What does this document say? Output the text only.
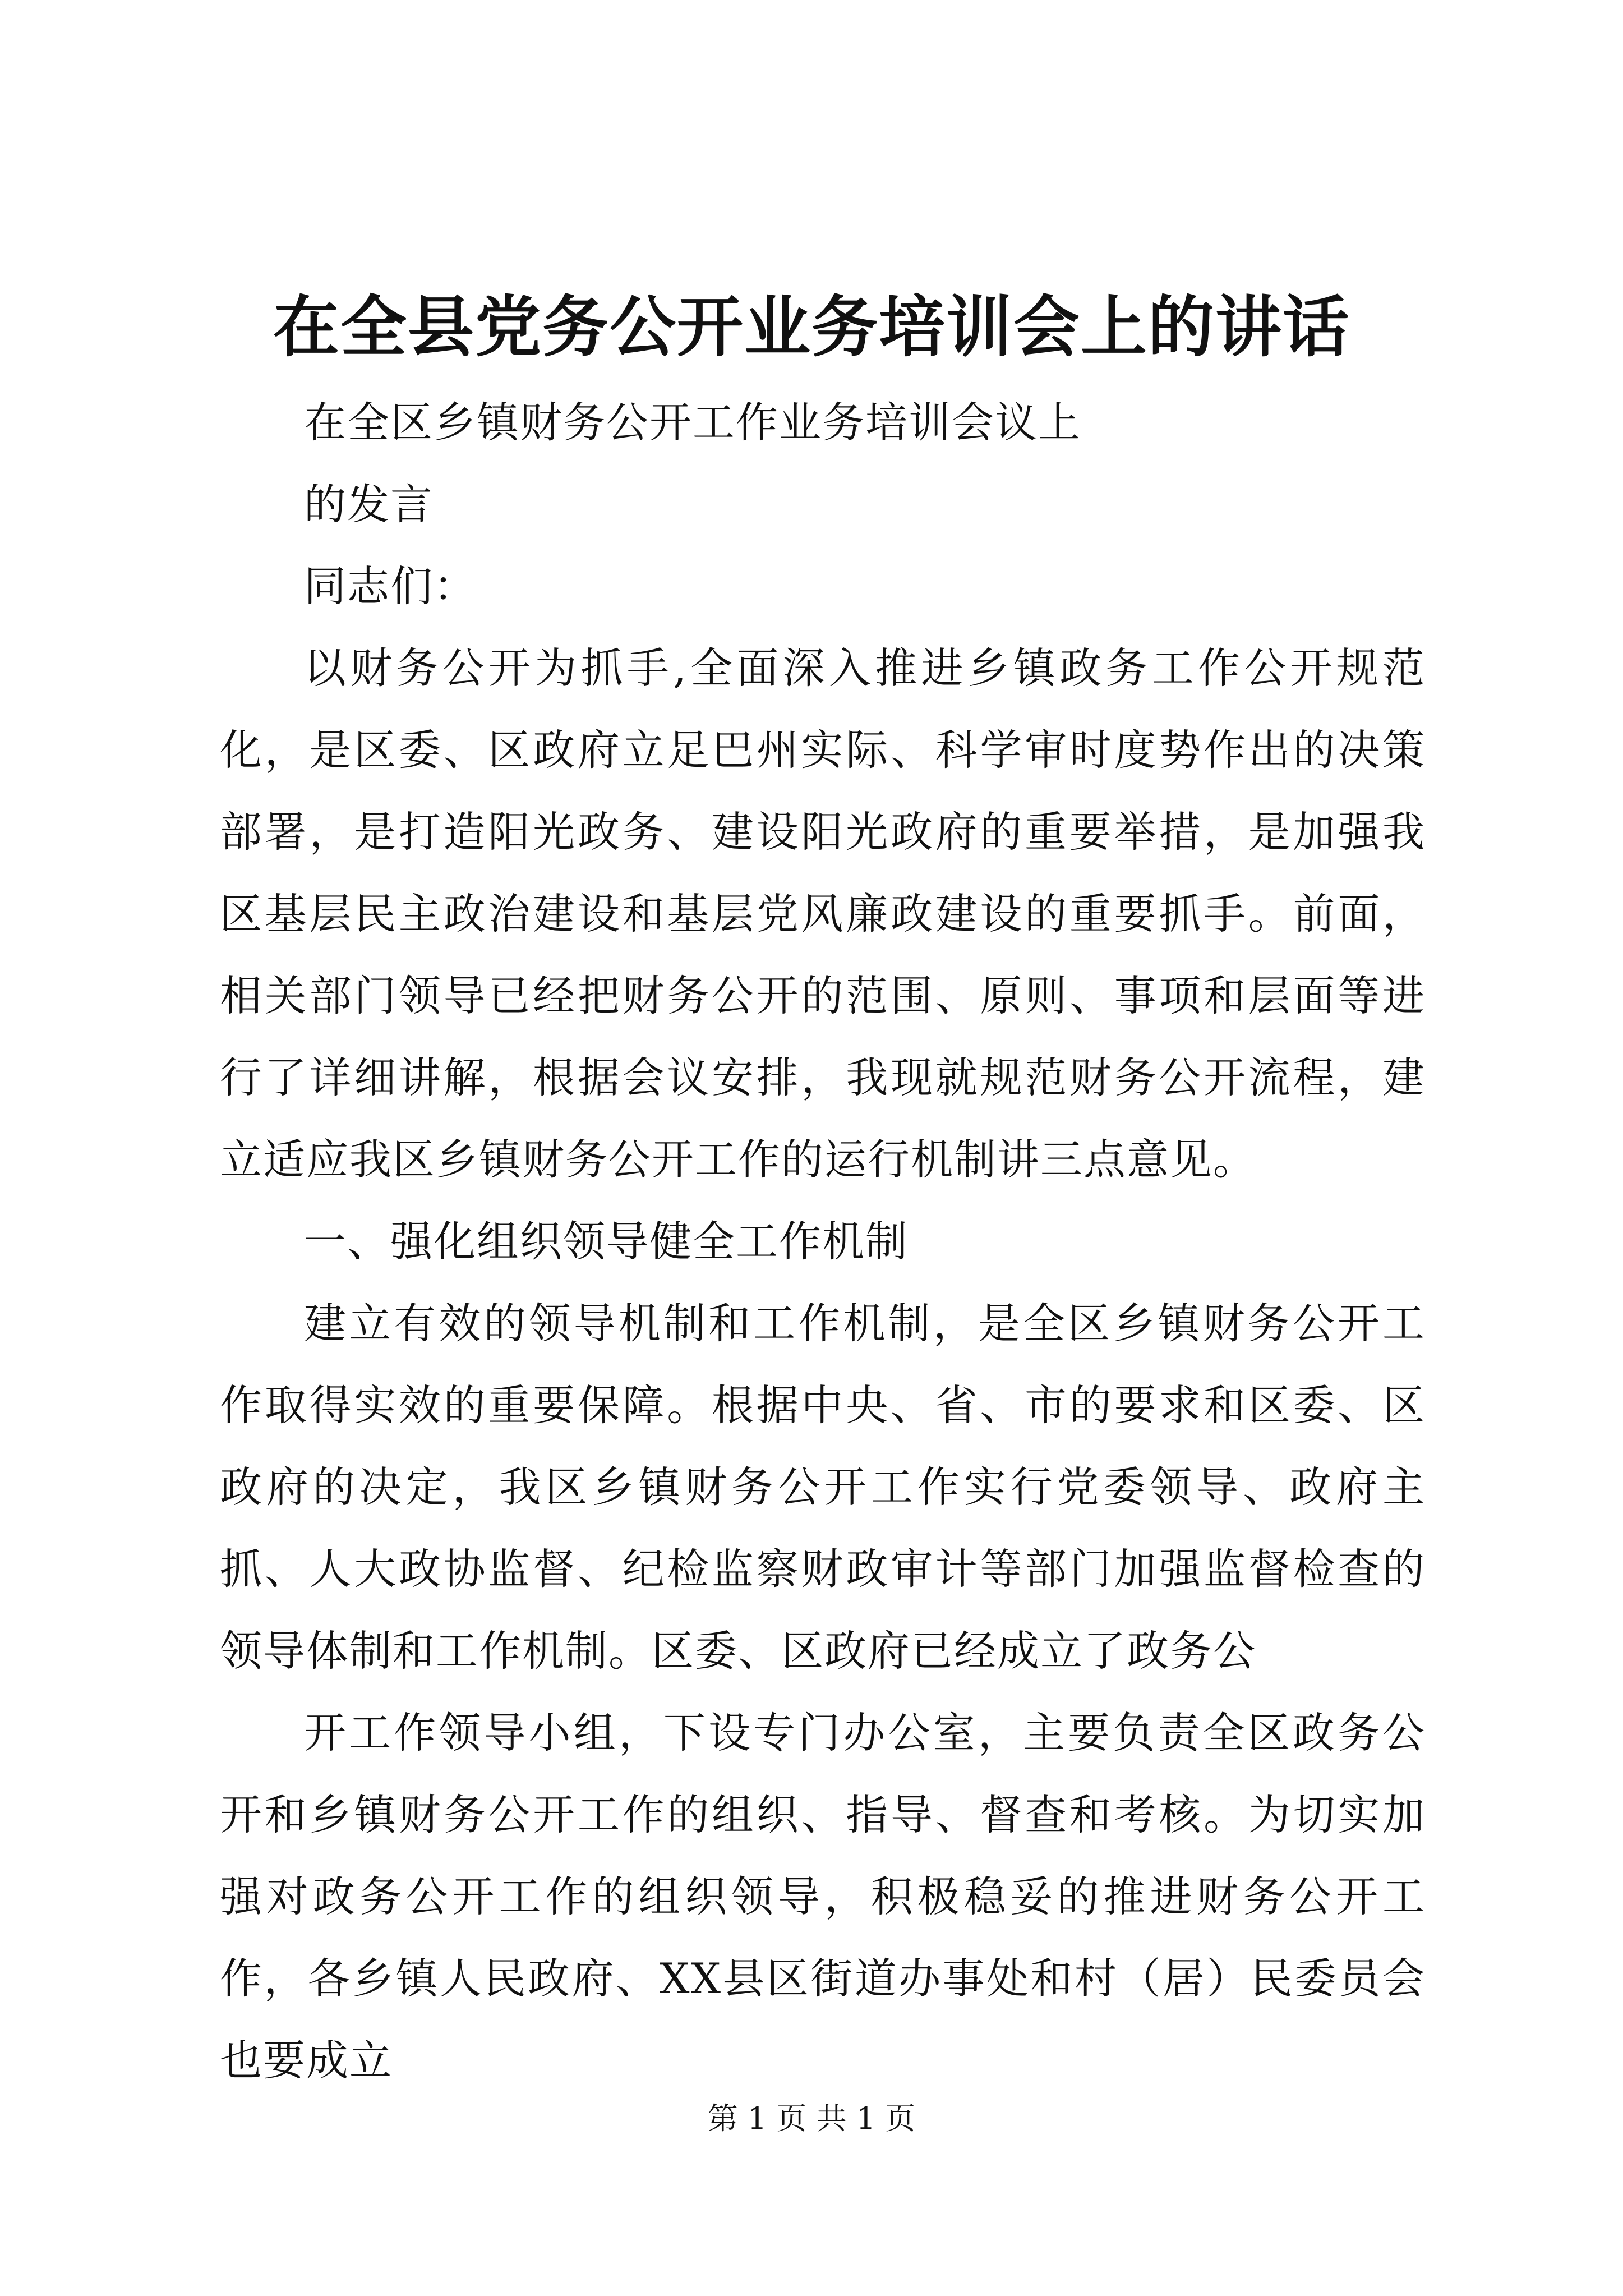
在全县党务公开业务培训会上的讲话

在全区乡镇财务公开工作业务培训会议上

的发言

同志们：

以财务公开为抓手,全面深入推进乡镇政务工作公开规范化，是区委、区政府立足巴州实际、科学审时度势作出的决策部署，是打造阳光政务、建设阳光政府的重要举措，是加强我区基层民主政治建设和基层党风廉政建设的重要抓手。前面，相关部门领导已经把财务公开的范围、原则、事项和层面等进行了详细讲解，根据会议安排，我现就规范财务公开流程，建立适应我区乡镇财务公开工作的运行机制讲三点意见。

一、强化组织领导健全工作机制

建立有效的领导机制和工作机制，是全区乡镇财务公开工作取得实效的重要保障。根据中央、省、市的要求和区委、区政府的决定，我区乡镇财务公开工作实行党委领导、政府主抓、人大政协监督、纪检监察财政审计等部门加强监督检查的领导体制和工作机制。区委、区政府已经成立了政务公

开工作领导小组，下设专门办公室，主要负责全区政务公开和乡镇财务公开工作的组织、指导、督查和考核。为切实加强对政务公开工作的组织领导，积极稳妥的推进财务公开工作，各乡镇人民政府、XX县区街道办事处和村（居）民委员会也要成立

第 1 页 共 1 页
